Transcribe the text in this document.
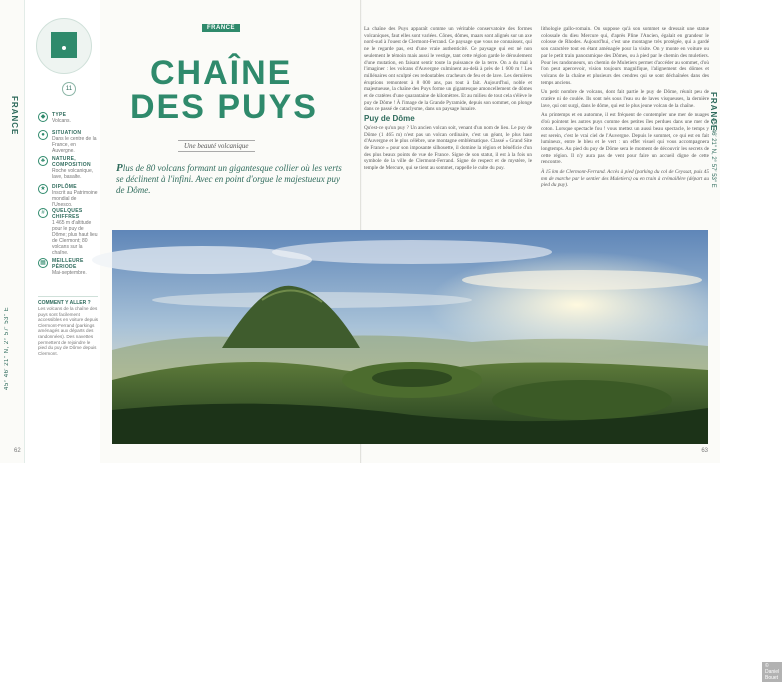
FRANCE
45° 46′ 21″ N, 2° 57′ 53″ E
11
◆	TYPE
Volcans.
●	SITUATION
Dans le centre de la France, en Auvergne.
♣	NATURE, COMPOSITION
Roche volcanique, lave, basalte.
★	DIPLÔME
Inscrit au Patrimoine mondial de l'Unesco.
#	QUELQUES CHIFFRES
1 465 m d'altitude pour le puy de Dôme; plus haut lieu de Clermont; 80 volcans sur la chaîne.
▦	MEILLEURE PÉRIODE
Mai-septembre.
COMMENT Y ALLER ?
Les volcans de la chaîne des puys sont facilement accessibles en voiture depuis Clermont-Ferrand (parkings aménagés aux départs des randonnées). Des navettes permettent de rejoindre le pied du puy de Dôme depuis Clermont.
FRANCE
CHAÎNE
DES PUYS
Une beauté volcanique
Plus de 80 volcans formant un gigantesque collier où les verts se déclinent à l'infini. Avec en point d'orgue le majestueux puy de Dôme.

La chaîne des Puys apparaît comme un véritable conservatoire des formes volcaniques, faut elles sont variées. Cônes, dômes, maars sont alignés sur un axe nord-sud à l'ouest de Clermont-Ferrand. Ce paysage que vous ne connaissez, qui ne le regarde pas, est d'une vraie authenticité. Ce paysage qui est né non seulement le témoin mais aussi le vestige, tant cette région garde le déroulement d'une mutation, en faisant sentir toute la puissance de la terre. On a du mal à l'imaginer : les volcans d'Auvergne culminent au-delà à près de 1 600 m ! Les millénaires ont sculpté ces redoutables cracheurs de feu et de lave. Les dernières éruptions remontent à 8 000 ans, pas tout à fait. Aujourd'hui, noble et majestueuse, la chaîne des Puys forme un gigantesque amoncellement de dômes et de cratères d'une quarantaine de kilomètres. Et au milieu de tout cela s'élève le puy de Dôme ! À l'image de la Grande Pyramide, depuis son sommet, on plonge dans ce passé de cataclysme, dans un paysage lunaire.

Puy de Dôme

Qu'est-ce qu'un puy ? Un ancien volcan soit, venant d'un nom de lieu. Le puy de Dôme (1 465 m) n'est pas un volcan ordinaire, c'est un géant, le plus haut d'Auvergne et le plus célèbre, une montagne emblématique. Classé « Grand Site de France » pour son imposante silhouette, il domine la région et bénéficie d'un des plus beaux points de vue de France. Signe de son statut, il est à la fois un symbole de la ville de Clermont-Ferrand. Signe de respect et de mystère, le temple de Mercure, qui se tient au sommet, rappelle le culte du puy.

lithologie gallo-romain. On suppose qu'à son sommet se dressait une statue colossale du dieu Mercure qui, d'après Pline l'Ancien, égalait en grandeur le colosse de Rhodes. Aujourd'hui, c'est une montagne très protégée, qui a gardé son caractère tout en étant aménagée pour la visite. On y monte en voiture ou par le petit train panoramique des Dômes, ou à pied par le chemin des muletiers. Pour les randonneurs, un chemin de Muletiers permet d'accéder au sommet, d'où l'on peut apercevoir, vision toujours magnifique, l'alignement des dômes et volcans de la chaîne et plusieurs des cendres qui se sont déchaînées dans des temps anciens.

Un petit nombre de volcans, dont fait partie le puy de Dôme, réunit peu de cratère ni de coulée. Ils sont nés sous l'eau ou de laves visqueuses, la dernière lave, qui ont surgi, dans le dôme, qui est le plus jeune volcan de la chaîne.

Au printemps et en automne, il est fréquent de contempler une mer de nuages d'où pointent les autres puys comme des petites îles perdues dans une mer de coton. Lorsque spectacle fou ! vous mettez un aussi beau spectacle, le temps y est serein, c'est le vrai ciel de l'Auvergne. Depuis le sommet, ce qui est en fait lumineux, entre le bleu et le vert : un effet visuel qui vous accompagnera longtemps. Au pied du puy de Dôme sera le moment de découvrir les secrets de cette région. Il n'y aura pas de vent pour faire un accueil digne de cette rencontre.

À 15 km de Clermont-Ferrand. Accès à pied (parking du col de Ceyssat, puis 45 mn de marche par le sentier des Muletiers) ou en train à crémaillère (départ au pied du puy).

FRANCE
45° 46′ 21″ N, 2° 57′ 53″ E
© Daniel Bouet
62	63
